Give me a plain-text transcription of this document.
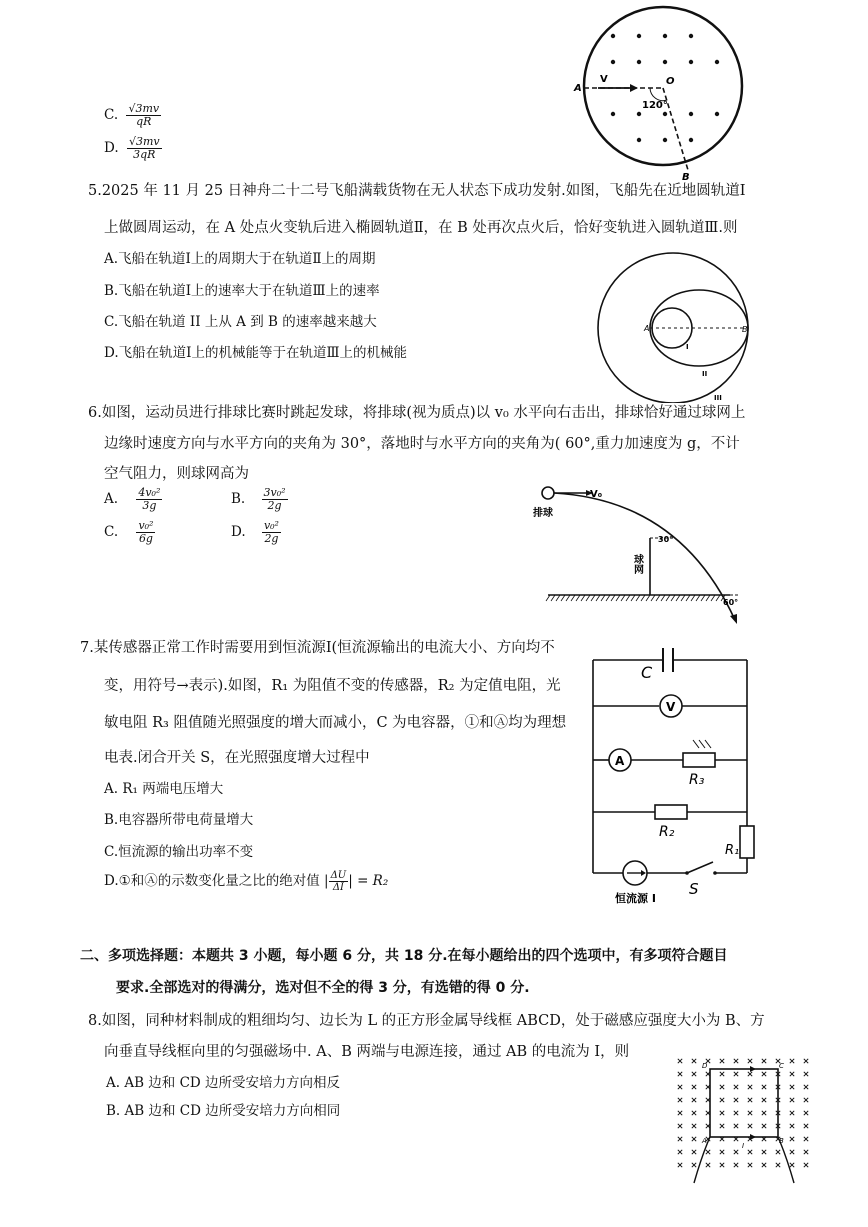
C. $\frac{√3mv}{qR}$
D. $\frac{√3mv}{3qR}$
A
V	O
120°
B
5.2025 年 11 月 25 日神舟二十二号飞船满载货物在无人状态下成功发射.如图，飞船先在近地圆轨道Ⅰ
上做圆周运动，在 A 处点火变轨后进入椭圆轨道Ⅱ，在 B 处再次点火后，恰好变轨进入圆轨道Ⅲ.则
A.飞船在轨道Ⅰ上的周期大于在轨道Ⅱ上的周期
B.飞船在轨道Ⅰ上的速率大于在轨道Ⅲ上的速率
C.飞船在轨道 II 上从 A 到 B 的速率越来越大
D.飞船在轨道Ⅰ上的机械能等于在轨道Ⅲ上的机械能
A	B
I
II
III
6.如图，运动员进行排球比赛时跳起发球，将排球(视为质点)以 v₀ 水平向右击出，排球恰好通过球网上
边缘时速度方向与水平方向的夹角为 30°，落地时与水平方向的夹角为( 60°,重力加速度为 g，不计
空气阻力，则球网高为
A. $\frac{\text{4v₀²}}{3g}$	B. $\frac{\text{3v₀²}}{2g}$
C. $\frac{\text{v₀²}}{6g}$	D. $\frac{\text{v₀²}}{2g}$
排球
V₀
球网
30°
60°
7.某传感器正常工作时需要用到恒流源Ⅰ(恒流源输出的电流大小、方向均不
变，用符号→表示).如图，R₁ 为阻值不变的传感器，R₂ 为定值电阻，光
敏电阻 R₃ 阻值随光照强度的增大而减小，C 为电容器，①和Ⓐ均为理想
电表.闭合开关 S，在光照强度增大过程中
A. R₁ 两端电压增大
B.电容器所带电荷量增大
C.恒流源的输出功率不变
D.①和Ⓐ的示数变化量之比的绝对值 | $\frac{\Delta U}{\Delta I}$ | = R₂
C
V
A
R₃
R₂
R₁
S
恒流源 I
二、多项选择题：本题共 3 小题，每小题 6 分，共 18 分.在每小题给出的四个选项中，有多项符合题目
要求.全部选对的得满分，选对但不全的得 3 分，有选错的得 0 分.
8.如图，同种材料制成的粗细均匀、边长为 L 的正方形金属导线框 ABCD，处于磁感应强度大小为 B、方
向垂直导线框向里的匀强磁场中. A、B 两端与电源连接，通过 AB 的电流为 I，则
A. AB 边和 CD 边所受安培力方向相反
B. AB 边和 CD 边所受安培力方向相同
A	B
C
D
I
